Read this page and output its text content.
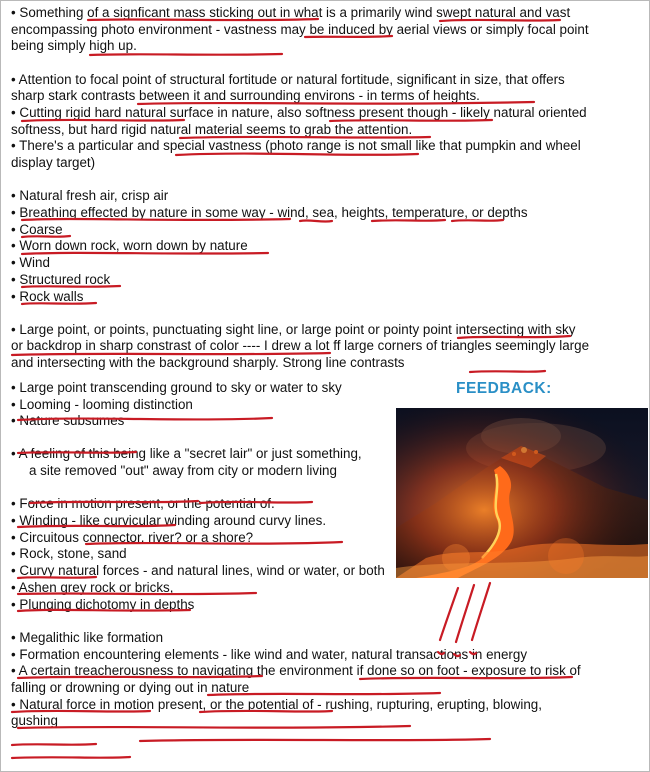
• Something of a signficant mass sticking out in what is a primarily wind swept natural and vast encompassing photo environment - vastness may be induced by aerial views or simply focal point being simply high up.

• Attention to focal point of structural fortitude or natural fortitude, significant in size, that offers sharp stark contrasts between it and surrounding environs - in terms of heights.

• Cutting rigid hard natural surface in nature, also softness present though - likely natural oriented softness, but hard rigid natural material seems to grab the attention.

• There's a particular and special vastness (photo range is not small like that pumpkin and wheel display target)

• Natural fresh air, crisp air

• Breathing effected by nature in some way - wind, sea, heights, temperature, or depths

• Coarse

• Worn down rock, worn down by nature

• Wind

• Structured rock

• Rock walls

• Large point, or points, punctuating sight line, or large point or pointy point intersecting with sky or backdrop in sharp constrast of color ---- I drew a lot ff large corners of triangles seemingly large and intersecting with the background sharply. Strong line contrasts

• Large point transcending ground to sky or water to sky

• Looming - looming distinction

• Nature subsumes

• A feeling of this being like a "secret lair" or just something,

a site removed "out" away from city or modern living

• Force in motion present, or the potential of.

• Winding - like curvicular winding around curvy lines.

• Circuitous connector. river? or a shore?

• Rock, stone, sand

• Curvy natural forces - and natural lines, wind or water, or both

• Ashen grey rock or bricks,

• Plunging dichotomy in depths

• Megalithic like formation

• Formation encountering elements - like wind and water, natural transactions in energy

• A certain treacherousness to navigating the environment if done so on foot - exposure to risk of falling or drowning or dying out in nature

• Natural force in motion present, or the potential of - rushing, rupturing, erupting, blowing, gushing

FEEDBACK:
